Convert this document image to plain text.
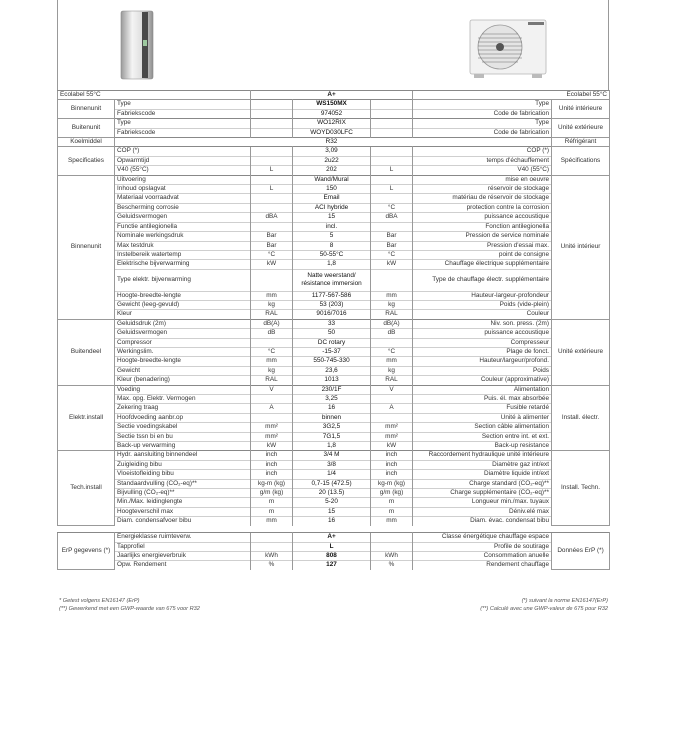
Ecolabel 55°C		A+			Ecolabel 55°C	
Binnenunit	Type		WS150MX		Type	Unité intérieure
	Fabriekscode		974052		Code de fabrication	
Buitenunit	Type		WO12RIX		Type	Unité extérieure
	Fabriekscode		WOYD030LFC		Code de fabrication	
Koelmiddel			R32			Réfrigérant
Specificaties	COP (*)		3,09		COP (*)	Spécifications
	Opwarmtijd		2u22		temps d'échauffement	
	V40 (55°C)	L	202	L	V40 (55°C)	
Binnenunit	Uitvoering		Wand/Mural		mise en oeuvre	Unité intérieur
	Inhoud opslagvat	L	150	L	réservoir de stockage	
	Materiaal voorraadvat		Email		matériau de réservoir de stockage	
	Bescherming corrosie		ACI hybride	°C	protection contre la corrosion	
	Geluidsvermogen	dBA	15	dBA	puissance accoustique	
	Functie antilegionella		incl.		Fonction antilegionella	
	Nominale werkingsdruk	Bar	5	Bar	Pression de service nominale	
	Max testdruk	Bar	8	Bar	Pression d'essai max.	
	Instelbereik watertemp	°C	50-55°C	°C	point de consigne	
	Elektrische bijverwarming	kW	1,8	kW	Chauffage électrique supplémentaire	
	Type elektr. bijverwarming		Natte weerstand/
résistance immersion		Type de chauffage électr. supplémentaire	
	Hoogte-breedte-lengte	mm	1177-567-586	mm	Hauteur-largeur-profondeur	
	Gewicht (leeg-gevuld)	kg	53 (203)	kg	Poids (vide-plein)	
	Kleur	RAL	9016/7016	RAL	Couleur	
Buitendeel	Geluidsdruk (2m)	dB(A)	33	dB(A)	Niv. son. press. (2m)	Unité extérieure
	Geluidsvermogen	dB	50	dB	puissance accoustique	
	Compressor		DC rotary		Compresseur	
	Werkingslim.	°C	-15-37	°C	Plage de fonct.	
	Hoogte-breedte-lengte	mm	550-745-330	mm	Hauteur/largeur/profond.	
	Gewicht	kg	23,6	kg	Poids	
	Kleur (benadering)	RAL	1013	RAL	Couleur (approximative)	
Elektr.install	Voeding	V	230/1F	V	Alimentation	Install. électr.
	Max. opg. Elektr. Vermogen		3,25		Puis. él. max absorbée	
	Zekering traag	A	16	A	Fusible retardé	
	Hoofdvoeding aanbr.op		binnen		Unité à alimenter	
	Sectie voedingskabel	mm²	3G2,5	mm²	Section câble alimentation	
	Sectie tssn bi en bu	mm²	7G1,5	mm²	Section entre int. et ext.	
	Back-up verwarming	kW	1,8	kW	Back-up resistance	
Tech.install	Hydr. aansluiting binnendeel	inch	3/4 M	inch	Raccordement hydraulique unité intérieure	Install. Techn.
	Zuigleiding bibu	inch	3/8	inch	Diamètre gaz int/ext	
	Vloeistofleiding bibu	inch	1/4	inch	Diamètre liquide int/ext	
	Standaardvulling (CO₂-eq)**	kg-m (kg)	0,7-15 (472.5)	kg-m (kg)	Charge standard (CO₂-eq)**	
	Bijvulling (CO₂-eq)**	g/m (kg)	20 (13.5)	g/m (kg)	Charge supplémentaire (CO₂-eq)**	
	Min./Max. leidinglengte	m	5-20	m	Longueur min./max. tuyaux	
	Hoogteverschil max	m	15	m	Déniv.elé max	
	Diam. condensafvoer bibu	mm	16	mm	Diam. évac. condensat bibu	

ErP gegevens (*)	Energieklasse ruimteverw.		A+		Classe énergétique chauffage espace	Données ErP (*)
	Tapprofiel		L		Profile de soutirage	
	Jaarlijks energieverbruik	kWh	808	kWh	Consommation anuelle	
	Opw. Rendement	%	127	%	Rendement chauffage	
* Getest volgens EN16147 (ErP)
(**) Gewerkend met een GWP-waarde van 675 voor R32
(*) suivant la norme EN16147(ErP)
(**) Calculé avec une GWP-valeur de 675 pour R32
